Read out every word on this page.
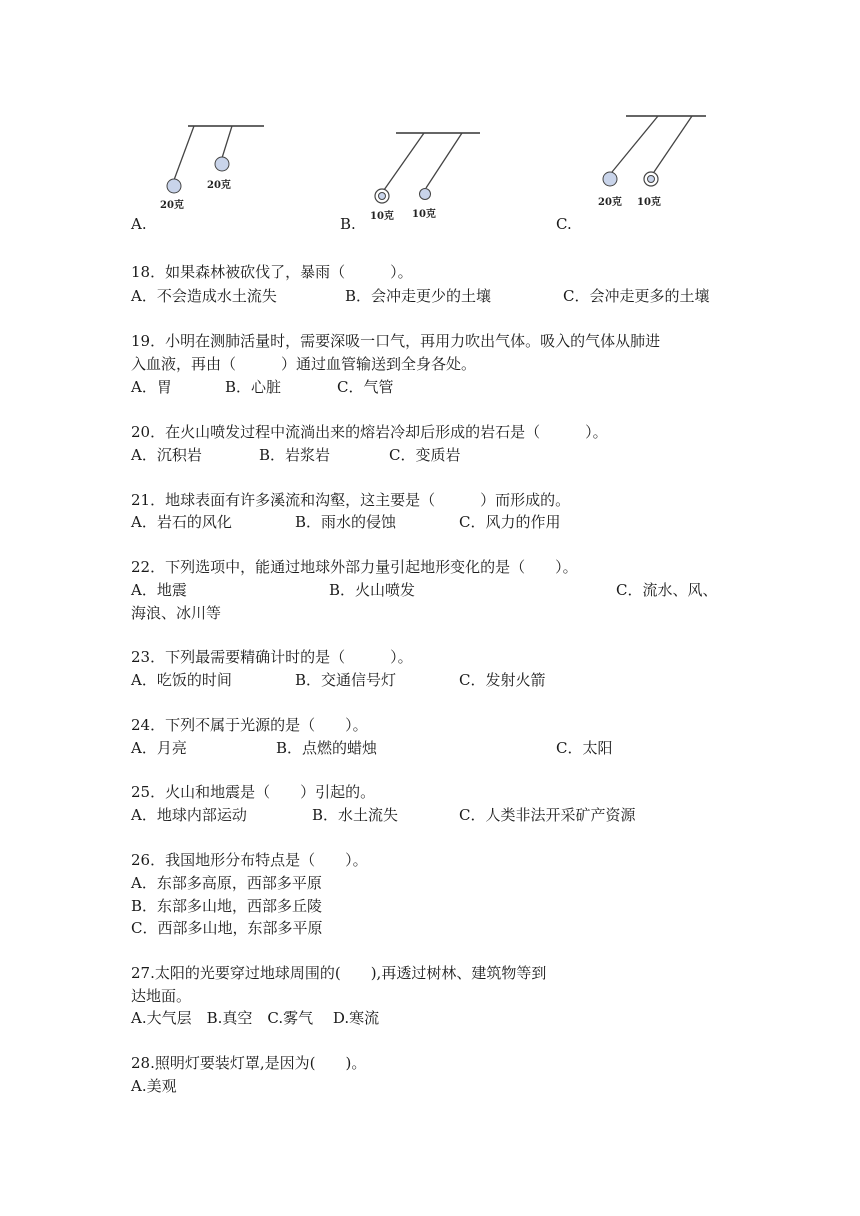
20克
20克
10克 10克
20克 10克
A.	B.	C.
18．如果森林被砍伐了，暴雨（　　　）。
A．不会造成水土流失	B．会冲走更少的土壤	C．会冲走更多的土壤
19．小明在测肺活量时，需要深吸一口气，再用力吹出气体。吸入的气体从肺进
入血液，再由（　　　）通过血管输送到全身各处。
A．胃	B．心脏	C．气管
20．在火山喷发过程中流淌出来的熔岩冷却后形成的岩石是（　　　）。
A．沉积岩	B．岩浆岩	C．变质岩
21．地球表面有许多溪流和沟壑，这主要是（　　　）而形成的。
A．岩石的风化	B．雨水的侵蚀	C．风力的作用
22．下列选项中，能通过地球外部力量引起地形变化的是（　　）。
A．地震	B．火山喷发	C．流水、风、
海浪、冰川等
23．下列最需要精确计时的是（　　　）。
A．吃饭的时间	B．交通信号灯	C．发射火箭
24．下列不属于光源的是（　　）。
A．月亮	B．点燃的蜡烛	C．太阳
25．火山和地震是（　　）引起的。
A．地球内部运动	B．水土流失	C．人类非法开采矿产资源
26．我国地形分布特点是（　　）。
A．东部多高原，西部多平原
B．东部多山地，西部多丘陵
C．西部多山地，东部多平原
27.太阳的光要穿过地球周围的(　　),再透过树林、建筑物等到
达地面。
A.大气层　B.真空　C.雾气　 D.寒流
28.照明灯要装灯罩,是因为(　　)。
A.美观
